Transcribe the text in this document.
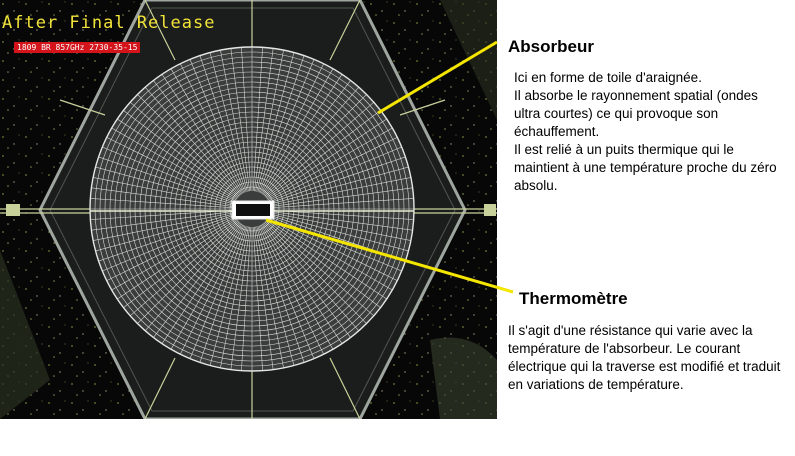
After Final Release
1809 BR 857GHz 2730-35-15	Absorbeur
Ici en forme de toile d'araignée.
Il absorbe le rayonnement spatial (ondes ultra courtes) ce qui provoque son échauffement.
Il est relié à un puits thermique qui le maintient à une température proche du zéro absolu.
Thermomètre
Il s'agit d'une résistance qui varie avec la température de l'absorbeur. Le courant électrique qui la traverse est modifié et traduit en variations de température.
